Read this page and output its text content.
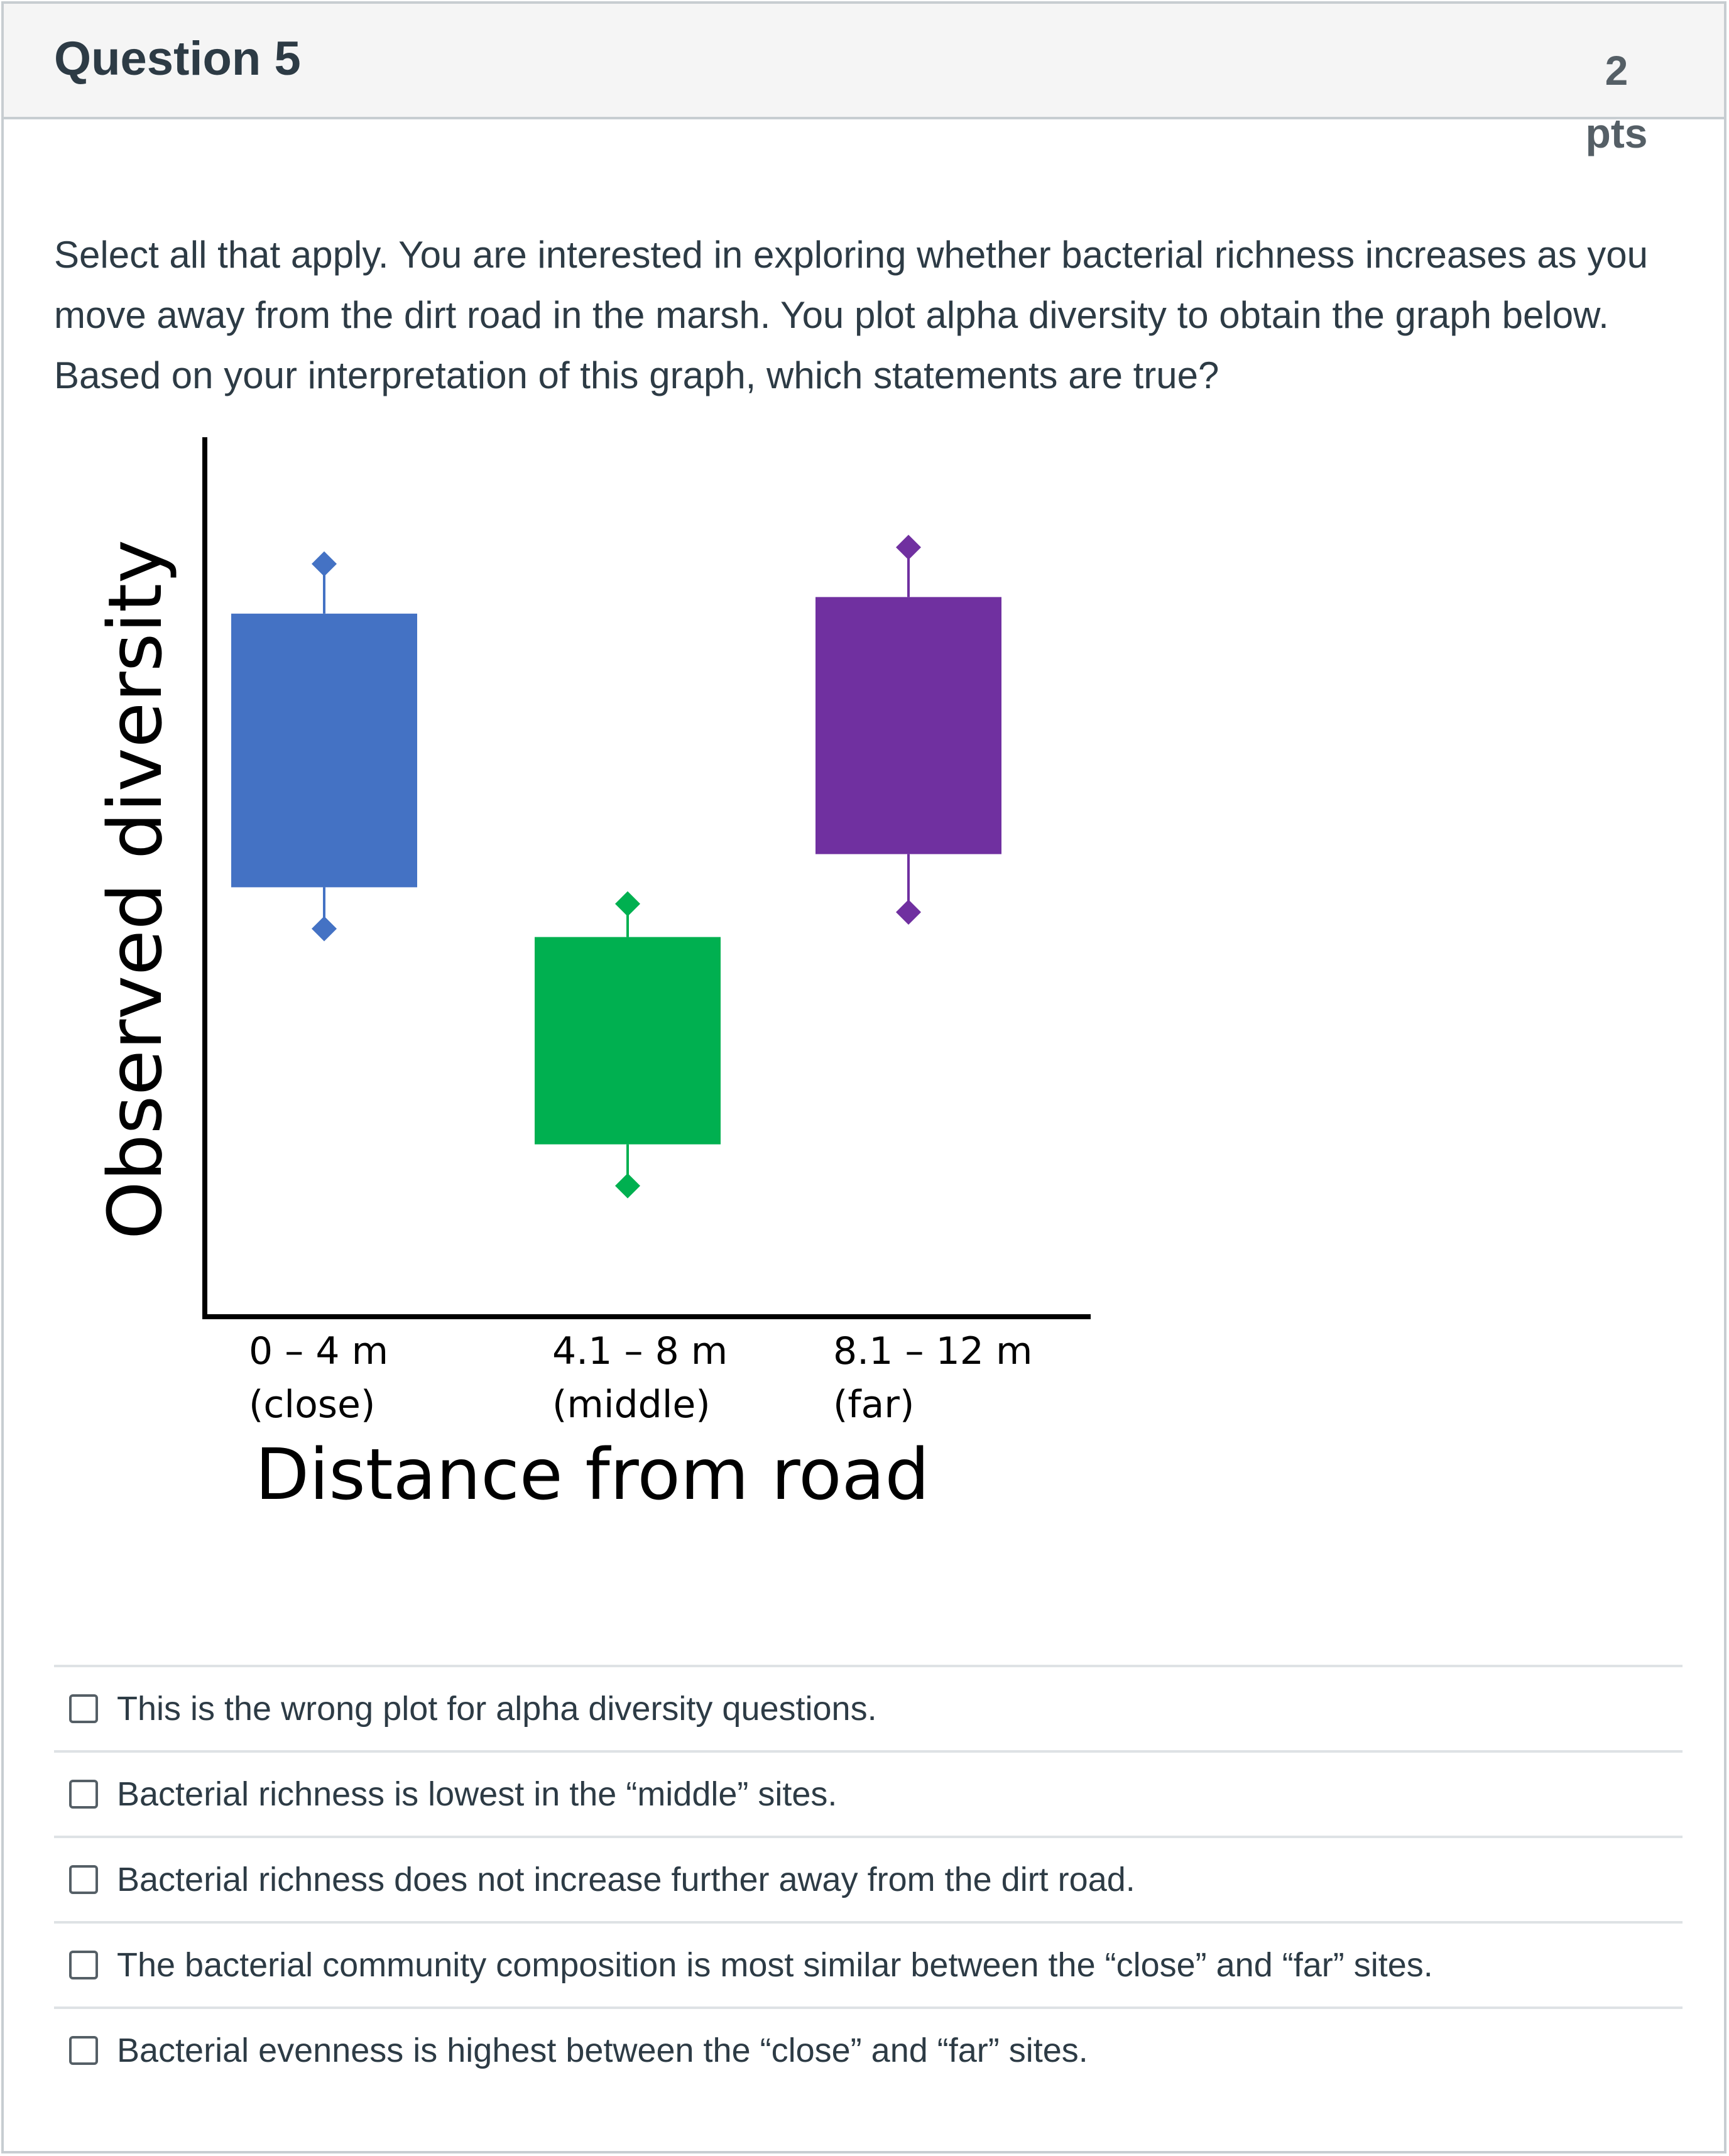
Question 5	2
pts
Select all that apply. You are interested in exploring whether bacterial richness increases as you move away from the dirt road in the marsh. You plot alpha diversity to obtain the graph below. Based on your interpretation of this graph, which statements are true?
Observed diversity
0 – 4 m
(close)
4.1 – 8 m
(middle)
8.1 – 12 m
(far)
Distance from road
This is the wrong plot for alpha diversity questions.
Bacterial richness is lowest in the “middle” sites.
Bacterial richness does not increase further away from the dirt road.
The bacterial community composition is most similar between the “close” and “far” sites.
Bacterial evenness is highest between the “close” and “far” sites.
